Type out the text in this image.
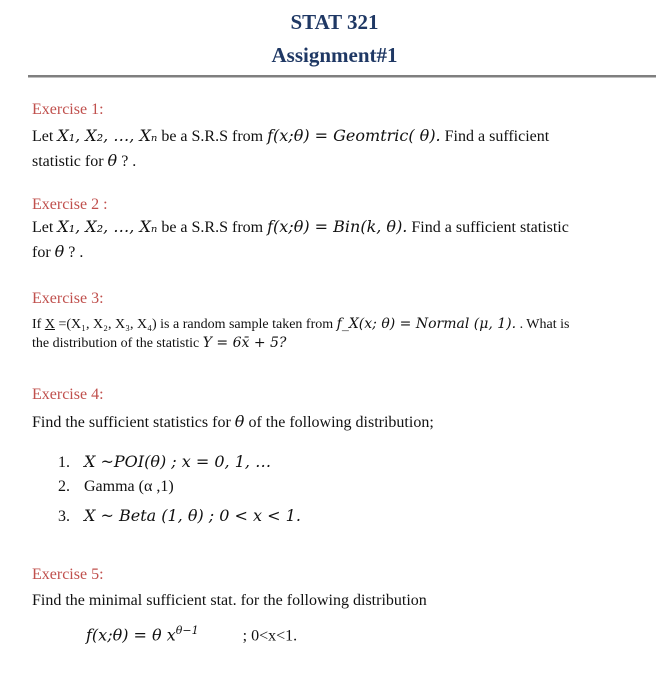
STAT 321
Assignment#1
Exercise 1:
Let X₁, X₂, …, Xₙ be a S.R.S from f(x;θ) = Geomtric( θ). Find a sufficient
statistic for θ ? .
Exercise 2 :
Let X₁, X₂, …, Xₙ be a S.R.S from f(x;θ) = Bin(k, θ). Find a sufficient statistic
for θ ? .
Exercise 3:
If X =(X₁, X₂, X₃, X₄) is a random sample taken from f_X(x; θ) = Normal (μ, 1). . What is
the distribution of the statistic Y = 6x̄ + 5?
Exercise 4:
Find the sufficient statistics for θ of the following distribution;
1. X ~POI(θ) ; x = 0, 1, …
2. Gamma (α ,1)
3. X ~ Beta (1, θ) ; 0 < x < 1.
Exercise 5:
Find the minimal sufficient stat. for the following distribution
f(x;θ) = θ $x^{\theta-1}$	; 0<x<1.
